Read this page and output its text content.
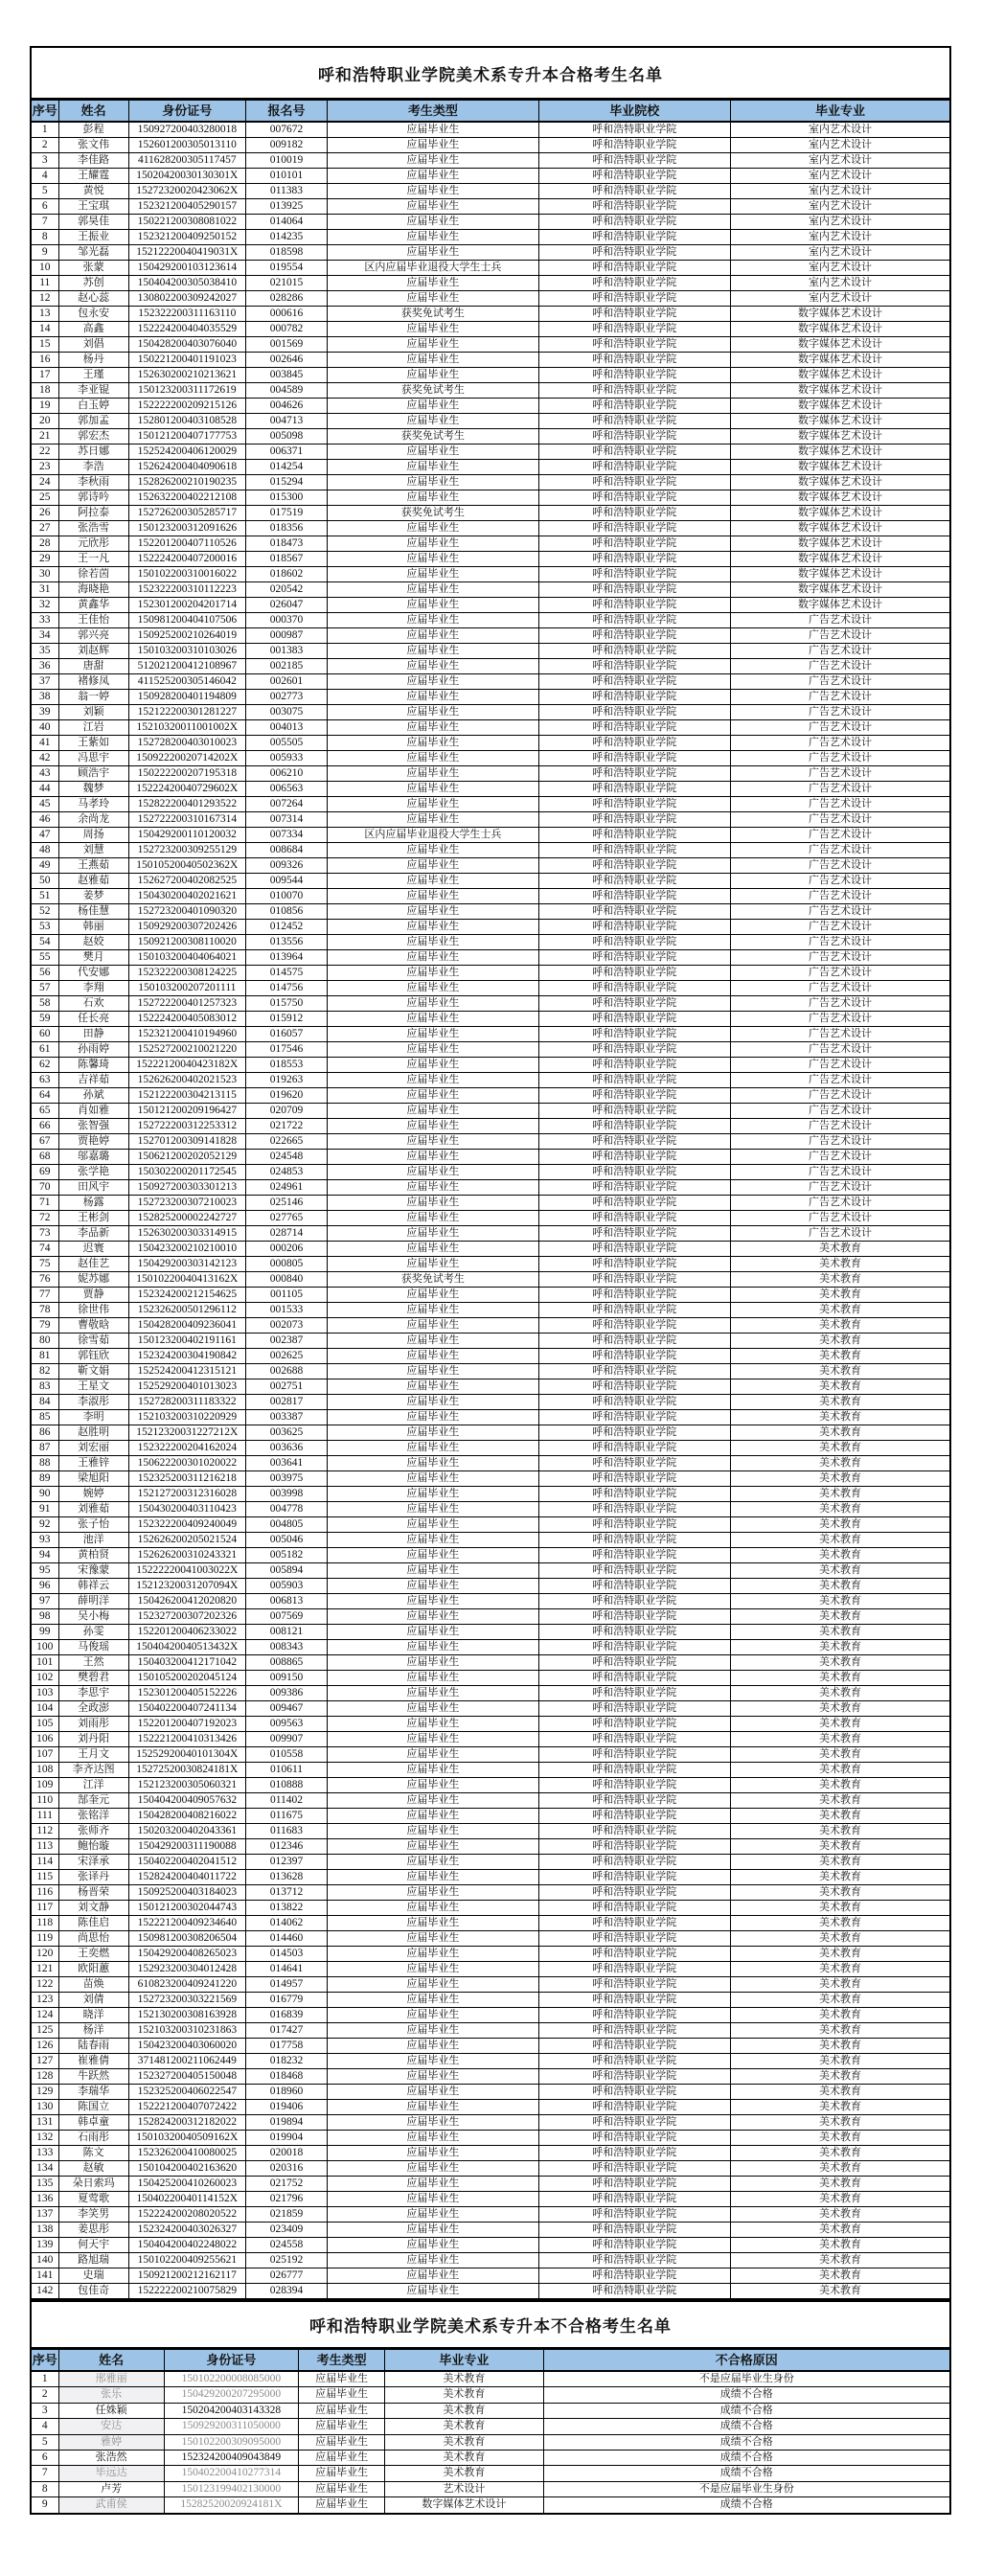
呼和浩特职业学院美术系专升本合格考生名单
序号	姓名	身份证号	报名号	考生类型	毕业院校	毕业专业
1	彭程	150927200403280018	007672	应届毕业生	呼和浩特职业学院	室内艺术设计
2	张文伟	152601200305013110	009182	应届毕业生	呼和浩特职业学院	室内艺术设计
3	李佳路	411628200305117457	010019	应届毕业生	呼和浩特职业学院	室内艺术设计
4	王耀霆	15020420030130301X	010101	应届毕业生	呼和浩特职业学院	室内艺术设计
5	黄悦	15272320020423062X	011383	应届毕业生	呼和浩特职业学院	室内艺术设计
6	王宝琪	152321200405290157	013925	应届毕业生	呼和浩特职业学院	室内艺术设计
7	郭昊佳	150221200308081022	014064	应届毕业生	呼和浩特职业学院	室内艺术设计
8	王振业	152321200409250152	014235	应届毕业生	呼和浩特职业学院	室内艺术设计
9	邹光磊	15212220040419031X	018598	应届毕业生	呼和浩特职业学院	室内艺术设计
10	张蒙	150429200103123614	019554	区内应届毕业退役大学生士兵	呼和浩特职业学院	室内艺术设计
11	苏创	150404200305038410	021015	应届毕业生	呼和浩特职业学院	室内艺术设计
12	赵心蕊	130802200309242027	028286	应届毕业生	呼和浩特职业学院	室内艺术设计
13	包永安	152322200311163110	000616	获奖免试考生	呼和浩特职业学院	数字媒体艺术设计
14	高鑫	152224200404035529	000782	应届毕业生	呼和浩特职业学院	数字媒体艺术设计
15	刘倡	150428200403076040	001569	应届毕业生	呼和浩特职业学院	数字媒体艺术设计
16	杨丹	150221200401191023	002646	应届毕业生	呼和浩特职业学院	数字媒体艺术设计
17	王瑾	152630200210213621	003845	应届毕业生	呼和浩特职业学院	数字媒体艺术设计
18	李亚锟	150123200311172619	004589	获奖免试考生	呼和浩特职业学院	数字媒体艺术设计
19	白玉婷	152222200209215126	004626	应届毕业生	呼和浩特职业学院	数字媒体艺术设计
20	郭加孟	152801200403108528	004713	应届毕业生	呼和浩特职业学院	数字媒体艺术设计
21	郭宏杰	150121200407177753	005098	获奖免试考生	呼和浩特职业学院	数字媒体艺术设计
22	苏日娜	152524200406120029	006371	应届毕业生	呼和浩特职业学院	数字媒体艺术设计
23	李浩	152624200404090618	014254	应届毕业生	呼和浩特职业学院	数字媒体艺术设计
24	李秋雨	152826200210190235	015294	应届毕业生	呼和浩特职业学院	数字媒体艺术设计
25	郭诗吟	152632200402212108	015300	应届毕业生	呼和浩特职业学院	数字媒体艺术设计
26	阿拉泰	152726200305285717	017519	获奖免试考生	呼和浩特职业学院	数字媒体艺术设计
27	张浩雪	150123200312091626	018356	应届毕业生	呼和浩特职业学院	数字媒体艺术设计
28	元欣彤	152201200407110526	018473	应届毕业生	呼和浩特职业学院	数字媒体艺术设计
29	王一凡	152224200407200016	018567	应届毕业生	呼和浩特职业学院	数字媒体艺术设计
30	徐若茵	150102200310016022	018602	应届毕业生	呼和浩特职业学院	数字媒体艺术设计
31	海晓艳	152322200310112223	020542	应届毕业生	呼和浩特职业学院	数字媒体艺术设计
32	黄鑫华	152301200204201714	026047	应届毕业生	呼和浩特职业学院	数字媒体艺术设计
33	王佳怡	150981200404107506	000370	应届毕业生	呼和浩特职业学院	广告艺术设计
34	郭兴亮	150925200210264019	000987	应届毕业生	呼和浩特职业学院	广告艺术设计
35	刘赵辉	150103200310103026	001383	应届毕业生	呼和浩特职业学院	广告艺术设计
36	唐甜	512021200412108967	002185	应届毕业生	呼和浩特职业学院	广告艺术设计
37	褚修凤	411525200305146042	002601	应届毕业生	呼和浩特职业学院	广告艺术设计
38	翁一婷	150928200401194809	002773	应届毕业生	呼和浩特职业学院	广告艺术设计
39	刘颖	152122200301281227	003075	应届毕业生	呼和浩特职业学院	广告艺术设计
40	江岩	15210320011001002X	004013	应届毕业生	呼和浩特职业学院	广告艺术设计
41	王紫如	152728200403010023	005505	应届毕业生	呼和浩特职业学院	广告艺术设计
42	冯思宇	15092220020714202X	005933	应届毕业生	呼和浩特职业学院	广告艺术设计
43	顾浩宇	150222200207195318	006210	应届毕业生	呼和浩特职业学院	广告艺术设计
44	魏梦	15222420040729602X	006563	应届毕业生	呼和浩特职业学院	广告艺术设计
45	马孝玲	152822200401293522	007264	应届毕业生	呼和浩特职业学院	广告艺术设计
46	余尚龙	152722200310167314	007314	应届毕业生	呼和浩特职业学院	广告艺术设计
47	周扬	150429200110120032	007334	区内应届毕业退役大学生士兵	呼和浩特职业学院	广告艺术设计
48	刘慧	152723200309255129	008684	应届毕业生	呼和浩特职业学院	广告艺术设计
49	王燕茹	15010520040502362X	009326	应届毕业生	呼和浩特职业学院	广告艺术设计
50	赵雅茹	152627200402082525	009544	应届毕业生	呼和浩特职业学院	广告艺术设计
51	姜梦	150430200402021621	010070	应届毕业生	呼和浩特职业学院	广告艺术设计
52	杨佳慧	152723200401090320	010856	应届毕业生	呼和浩特职业学院	广告艺术设计
53	韩丽	150929200307202426	012452	应届毕业生	呼和浩特职业学院	广告艺术设计
54	赵姣	150921200308110020	013556	应届毕业生	呼和浩特职业学院	广告艺术设计
55	樊月	150103200404064021	013964	应届毕业生	呼和浩特职业学院	广告艺术设计
56	代安娜	152322200308124225	014575	应届毕业生	呼和浩特职业学院	广告艺术设计
57	李翔	150103200207201111	014756	应届毕业生	呼和浩特职业学院	广告艺术设计
58	石欢	152722200401257323	015750	应届毕业生	呼和浩特职业学院	广告艺术设计
59	任长亮	152224200405083012	015912	应届毕业生	呼和浩特职业学院	广告艺术设计
60	田静	152321200410194960	016057	应届毕业生	呼和浩特职业学院	广告艺术设计
61	孙雨婷	152527200210021220	017546	应届毕业生	呼和浩特职业学院	广告艺术设计
62	陈馨琦	15222120040423182X	018553	应届毕业生	呼和浩特职业学院	广告艺术设计
63	吉祥茹	152626200402021523	019263	应届毕业生	呼和浩特职业学院	广告艺术设计
64	孙斌	152122200304213115	019620	应届毕业生	呼和浩特职业学院	广告艺术设计
65	肖如雅	150121200209196427	020709	应届毕业生	呼和浩特职业学院	广告艺术设计
66	张智强	152722200312253312	021722	应届毕业生	呼和浩特职业学院	广告艺术设计
67	贾艳婷	152701200309141828	022665	应届毕业生	呼和浩特职业学院	广告艺术设计
68	邬嘉璐	150621200202052129	024548	应届毕业生	呼和浩特职业学院	广告艺术设计
69	张学艳	150302200201172545	024853	应届毕业生	呼和浩特职业学院	广告艺术设计
70	田风宇	150927200303301213	024961	应届毕业生	呼和浩特职业学院	广告艺术设计
71	杨露	152723200307210023	025146	应届毕业生	呼和浩特职业学院	广告艺术设计
72	王彬剑	152825200002242727	027765	应届毕业生	呼和浩特职业学院	广告艺术设计
73	李品新	152630200303314915	028714	应届毕业生	呼和浩特职业学院	广告艺术设计
74	迟寰	150423200210210010	000206	应届毕业生	呼和浩特职业学院	美术教育
75	赵佳艺	150429200303142123	000805	应届毕业生	呼和浩特职业学院	美术教育
76	妮苏娜	15010220040413162X	000840	获奖免试考生	呼和浩特职业学院	美术教育
77	贾静	152324200212154625	001105	应届毕业生	呼和浩特职业学院	美术教育
78	徐世伟	152326200501296112	001533	应届毕业生	呼和浩特职业学院	美术教育
79	曹敬晗	150428200409236041	002073	应届毕业生	呼和浩特职业学院	美术教育
80	徐雪茹	150123200402191161	002387	应届毕业生	呼和浩特职业学院	美术教育
81	郭钰欣	152324200304190842	002625	应届毕业生	呼和浩特职业学院	美术教育
82	靳文娟	152524200412315121	002688	应届毕业生	呼和浩特职业学院	美术教育
83	王星文	152529200401013023	002751	应届毕业生	呼和浩特职业学院	美术教育
84	李淑彤	152728200311183322	002817	应届毕业生	呼和浩特职业学院	美术教育
85	李明	152103200310220929	003387	应届毕业生	呼和浩特职业学院	美术教育
86	赵胜明	15212320031227212X	003625	应届毕业生	呼和浩特职业学院	美术教育
87	刘宏丽	152322200204162024	003636	应届毕业生	呼和浩特职业学院	美术教育
88	王雅锌	150622200301020022	003641	应届毕业生	呼和浩特职业学院	美术教育
89	梁旭阳	152325200311216218	003975	应届毕业生	呼和浩特职业学院	美术教育
90	婉婷	152127200312316028	003998	应届毕业生	呼和浩特职业学院	美术教育
91	刘雅茹	150430200403110423	004778	应届毕业生	呼和浩特职业学院	美术教育
92	张子怡	152322200409240049	004805	应届毕业生	呼和浩特职业学院	美术教育
93	池洋	152626200205021524	005046	应届毕业生	呼和浩特职业学院	美术教育
94	黄柏贤	152626200310243321	005182	应届毕业生	呼和浩特职业学院	美术教育
95	宋豫蒙	15222220041003022X	005894	应届毕业生	呼和浩特职业学院	美术教育
96	韩祥云	15212320031207094X	005903	应届毕业生	呼和浩特职业学院	美术教育
97	薛明洋	150426200412020820	006813	应届毕业生	呼和浩特职业学院	美术教育
98	吴小梅	152327200307202326	007569	应届毕业生	呼和浩特职业学院	美术教育
99	孙雯	152201200406233022	008121	应届毕业生	呼和浩特职业学院	美术教育
100	马俊瑶	15040420040513432X	008343	应届毕业生	呼和浩特职业学院	美术教育
101	王然	150403200412171042	008865	应届毕业生	呼和浩特职业学院	美术教育
102	樊碧君	150105200202045124	009150	应届毕业生	呼和浩特职业学院	美术教育
103	李思宇	152301200405152226	009386	应届毕业生	呼和浩特职业学院	美术教育
104	全政澎	150402200407241134	009467	应届毕业生	呼和浩特职业学院	美术教育
105	刘雨彤	152201200407192023	009563	应届毕业生	呼和浩特职业学院	美术教育
106	刘丹阳	152221200410313426	009907	应届毕业生	呼和浩特职业学院	美术教育
107	王月文	15252920040101304X	010558	应届毕业生	呼和浩特职业学院	美术教育
108	李齐达图	15272520030824181X	010611	应届毕业生	呼和浩特职业学院	美术教育
109	江洋	152123200305060321	010888	应届毕业生	呼和浩特职业学院	美术教育
110	郜奎元	150404200409057632	011402	应届毕业生	呼和浩特职业学院	美术教育
111	张铭洋	150428200408216022	011675	应届毕业生	呼和浩特职业学院	美术教育
112	张师齐	150203200402043361	011683	应届毕业生	呼和浩特职业学院	美术教育
113	鲍怡璇	150429200311190088	012346	应届毕业生	呼和浩特职业学院	美术教育
114	宋泽承	150402200402041512	012397	应届毕业生	呼和浩特职业学院	美术教育
115	张译丹	152824200404011722	013628	应届毕业生	呼和浩特职业学院	美术教育
116	杨晋荣	150925200403184023	013712	应届毕业生	呼和浩特职业学院	美术教育
117	刘文静	150121200302044743	013822	应届毕业生	呼和浩特职业学院	美术教育
118	陈佳启	152221200409234640	014062	应届毕业生	呼和浩特职业学院	美术教育
119	尚思怡	150981200308206504	014460	应届毕业生	呼和浩特职业学院	美术教育
120	王奕燃	150429200408265023	014503	应届毕业生	呼和浩特职业学院	美术教育
121	欧阳蕙	152923200304012428	014641	应届毕业生	呼和浩特职业学院	美术教育
122	苗焕	610823200409241220	014957	应届毕业生	呼和浩特职业学院	美术教育
123	刘倩	152723200303221569	016779	应届毕业生	呼和浩特职业学院	美术教育
124	晓洋	152130200308163928	016839	应届毕业生	呼和浩特职业学院	美术教育
125	杨洋	152103200310231863	017427	应届毕业生	呼和浩特职业学院	美术教育
126	陆春雨	150423200403060020	017758	应届毕业生	呼和浩特职业学院	美术教育
127	崔雅倩	371481200211062449	018232	应届毕业生	呼和浩特职业学院	美术教育
128	牛跃然	152327200405150048	018468	应届毕业生	呼和浩特职业学院	美术教育
129	李瑞华	152325200406022547	018960	应届毕业生	呼和浩特职业学院	美术教育
130	陈国立	152221200407072422	019406	应届毕业生	呼和浩特职业学院	美术教育
131	韩卓童	152824200312182022	019894	应届毕业生	呼和浩特职业学院	美术教育
132	石雨彤	15010320040509162X	019904	应届毕业生	呼和浩特职业学院	美术教育
133	陈文	152326200410080025	020018	应届毕业生	呼和浩特职业学院	美术教育
134	赵敏	150104200402163620	020316	应届毕业生	呼和浩特职业学院	美术教育
135	朵日索玛	150425200410260023	021752	应届毕业生	呼和浩特职业学院	美术教育
136	夏莺歌	15040220040114152X	021796	应届毕业生	呼和浩特职业学院	美术教育
137	李笑男	152224200208020522	021859	应届毕业生	呼和浩特职业学院	美术教育
138	姜思彤	152324200403026327	023409	应届毕业生	呼和浩特职业学院	美术教育
139	何天宇	150404200402248022	024558	应届毕业生	呼和浩特职业学院	美术教育
140	路旭瑞	150102200409255621	025192	应届毕业生	呼和浩特职业学院	美术教育
141	史瑞	150921200212162117	026777	应届毕业生	呼和浩特职业学院	美术教育
142	包佳奇	152222200210075829	028394	应届毕业生	呼和浩特职业学院	美术教育
呼和浩特职业学院美术系专升本不合格考生名单
序号	姓名	身份证号	考生类型	毕业专业	不合格原因
1	邢雅丽	150102200008085000	应届毕业生	美术教育	不是应届毕业生身份
2	张乐	150429200207295000	应届毕业生	美术教育	成绩不合格
3	任姝颖	150204200403143328	应届毕业生	美术教育	成绩不合格
4	安达	150929200311050000	应届毕业生	美术教育	成绩不合格
5	雅婷	150102200309095000	应届毕业生	美术教育	成绩不合格
6	张浩然	152324200409043849	应届毕业生	美术教育	成绩不合格
7	毕远达	150402200410277314	应届毕业生	美术教育	成绩不合格
8	卢芳	150123199402130000	应届毕业生	艺术设计	不是应届毕业生身份
9	武甫侯	15282520020924181X	应届毕业生	数字媒体艺术设计	成绩不合格
